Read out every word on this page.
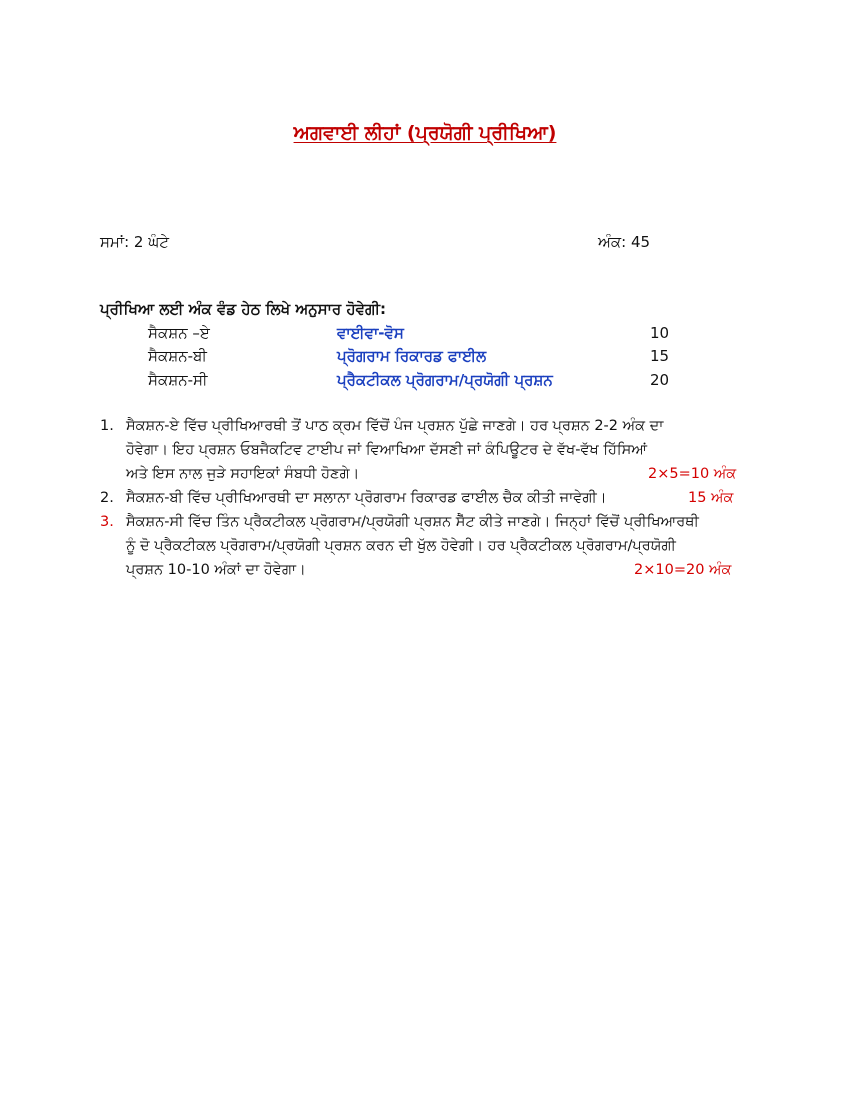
ਅਗਵਾਈ ਲੀਹਾਂ (ਪ੍ਰਯੋਗੀ ਪ੍ਰੀਖਿਆ)
ਸਮਾਂ: 2 ਘੰਟੇ	ਅੰਕ: 45
ਪ੍ਰੀਖਿਆ ਲਈ ਅੰਕ ਵੰਡ ਹੇਠ ਲਿਖੇ ਅਨੁਸਾਰ ਹੋਵੇਗੀ:
ਸੈਕਸ਼ਨ –ਏ	ਵਾਈਵਾ-ਵੋਸ	10
ਸੈਕਸ਼ਨ-ਬੀ	ਪ੍ਰੋਗਰਾਮ ਰਿਕਾਰਡ ਫਾਈਲ	15
ਸੈਕਸ਼ਨ-ਸੀ	ਪ੍ਰੈਕਟੀਕਲ ਪ੍ਰੋਗਰਾਮ/ਪ੍ਰਯੋਗੀ ਪ੍ਰਸ਼ਨ	20
1. ਸੈਕਸ਼ਨ-ਏ ਵਿੱਚ ਪ੍ਰੀਖਿਆਰਥੀ ਤੋਂ ਪਾਠ ਕ੍ਰਮ ਵਿੱਚੋਂ ਪੰਜ ਪ੍ਰਸ਼ਨ ਪੁੱਛੇ ਜਾਣਗੇ। ਹਰ ਪ੍ਰਸ਼ਨ 2-2 ਅੰਕ ਦਾ
ਹੋਵੇਗਾ। ਇਹ ਪ੍ਰਸ਼ਨ ਓਬਜੈਕਟਿਵ ਟਾਈਪ ਜਾਂ ਵਿਆਖਿਆ ਦੱਸਣੀ ਜਾਂ ਕੰਪਿਊਟਰ ਦੇ ਵੱਖ-ਵੱਖ ਹਿੱਸਿਆਂ
ਅਤੇ ਇਸ ਨਾਲ ਜੁੜੇ ਸਹਾਇਕਾਂ ਸੰਬਧੀ ਹੋਣਗੇ।	2×5=10 ਅੰਕ
2. ਸੈਕਸ਼ਨ-ਬੀ ਵਿੱਚ ਪ੍ਰੀਖਿਆਰਥੀ ਦਾ ਸਲਾਨਾ ਪ੍ਰੋਗਰਾਮ ਰਿਕਾਰਡ ਫਾਈਲ ਚੈਕ ਕੀਤੀ ਜਾਵੇਗੀ।	15 ਅੰਕ
3. ਸੈਕਸ਼ਨ-ਸੀ ਵਿੱਚ ਤਿੰਨ ਪ੍ਰੈਕਟੀਕਲ ਪ੍ਰੋਗਰਾਮ/ਪ੍ਰਯੋਗੀ ਪ੍ਰਸ਼ਨ ਸੈੱਟ ਕੀਤੇ ਜਾਣਗੇ। ਜਿਨ੍ਹਾਂ ਵਿੱਚੋਂ ਪ੍ਰੀਖਿਆਰਥੀ
ਨੂੰ ਦੋ ਪ੍ਰੈਕਟੀਕਲ ਪ੍ਰੋਗਰਾਮ/ਪ੍ਰਯੋਗੀ ਪ੍ਰਸ਼ਨ ਕਰਨ ਦੀ ਖੁੱਲ ਹੋਵੇਗੀ। ਹਰ ਪ੍ਰੈਕਟੀਕਲ ਪ੍ਰੋਗਰਾਮ/ਪ੍ਰਯੋਗੀ
ਪ੍ਰਸ਼ਨ 10-10 ਅੰਕਾਂ ਦਾ ਹੋਵੇਗਾ।	2×10=20 ਅੰਕ
